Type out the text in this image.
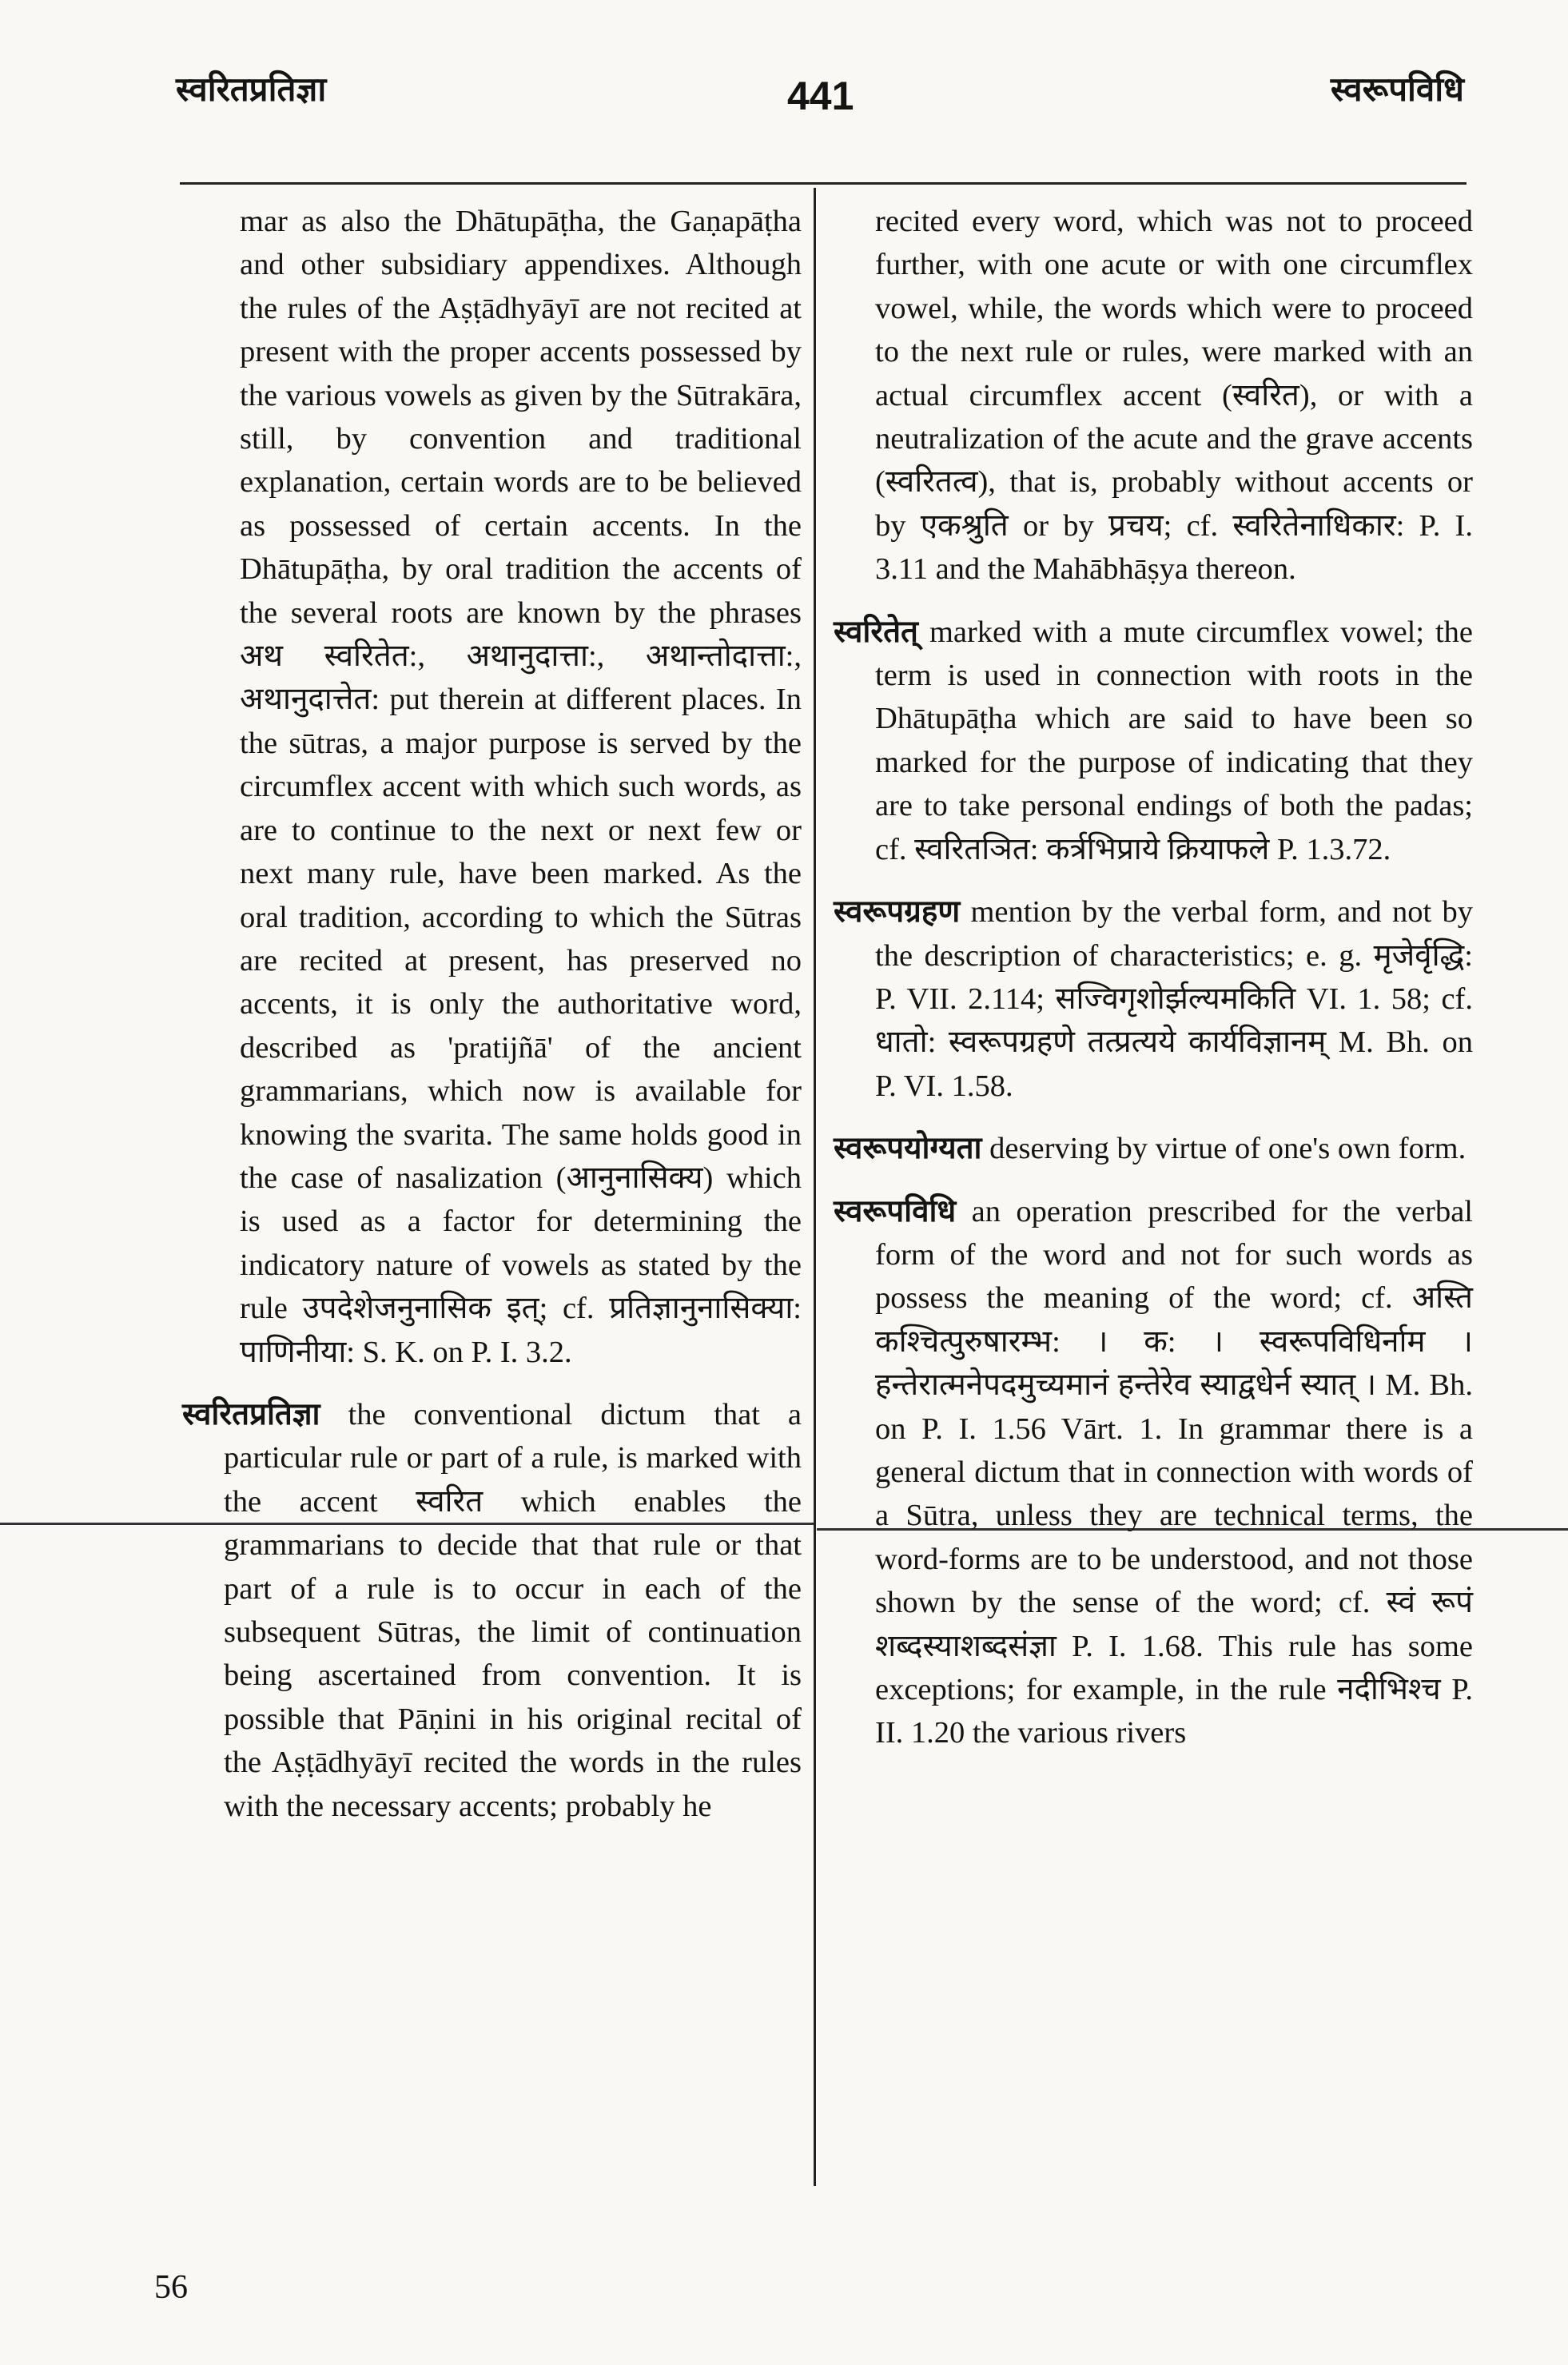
स्वरितप्रतिज्ञा	441	स्वरूपविधि

mar as also the Dhātupāṭha, the Gaṇapāṭha and other subsidiary appendixes. Although the rules of the Aṣṭādhyāyī are not recited at present with the proper accents possessed by the various vowels as given by the Sūtrakāra, still, by convention and traditional explanation, certain words are to be believed as possessed of certain accents. In the Dhātupāṭha, by oral tradition the accents of the several roots are known by the phrases अथ स्वरितेत:, अथानुदात्ता:, अथान्तोदात्ता:, अथानुदात्तेत: put therein at different places. In the sūtras, a major purpose is served by the circumflex accent with which such words, as are to continue to the next or next few or next many rule, have been marked. As the oral tradition, according to which the Sūtras are recited at present, has preserved no accents, it is only the authoritative word, described as 'pratijñā' of the ancient grammarians, which now is available for knowing the svarita. The same holds good in the case of nasalization (आनुनासिक्य) which is used as a factor for determining the indicatory nature of vowels as stated by the rule उपदेशेजनुनासिक इत्; cf. प्रतिज्ञानुनासिक्या: पाणिनीया: S. K. on P. I. 3.2.

स्वरितप्रतिज्ञा the conventional dictum that a particular rule or part of a rule, is marked with the accent स्वरित which enables the grammarians to decide that that rule or that part of a rule is to occur in each of the subsequent Sūtras, the limit of continuation being ascertained from convention. It is possible that Pāṇini in his original recital of the Aṣṭādhyāyī recited the words in the rules with the necessary accents; probably he

recited every word, which was not to proceed further, with one acute or with one circumflex vowel, while, the words which were to proceed to the next rule or rules, were marked with an actual circumflex accent (स्वरित), or with a neutralization of the acute and the grave accents (स्वरितत्व), that is, probably without accents or by एकश्रुति or by प्रचय; cf. स्वरितेनाधिकार: P. I. 3.11 and the Mahābhāṣya thereon.

स्वरितेत् marked with a mute circumflex vowel; the term is used in connection with roots in the Dhātupāṭha which are said to have been so marked for the purpose of indicating that they are to take personal endings of both the padas; cf. स्वरितञित: कर्त्रभिप्राये क्रियाफले P. 1.3.72.

स्वरूपग्रहण mention by the verbal form, and not by the description of characteristics; e. g. मृजेर्वृद्धि: P. VII. 2.114; सज्विगृशोर्झल्यमकिति VI. 1. 58; cf. धातो: स्वरूपग्रहणे तत्प्रत्यये कार्यविज्ञानम् M. Bh. on P. VI. 1.58.

स्वरूपयोग्यता deserving by virtue of one's own form.

स्वरूपविधि an operation prescribed for the verbal form of the word and not for such words as possess the meaning of the word; cf. अस्ति कश्चित्पुरुषारम्भ: । क: । स्वरूपविधिर्नाम । हन्तेरात्मनेपदमुच्यमानं हन्तेरेव स्याद्वधेर्न स्यात् । M. Bh. on P. I. 1.56 Vārt. 1. In grammar there is a general dictum that in connection with words of a Sūtra, unless they are technical terms, the word-forms are to be understood, and not those shown by the sense of the word; cf. स्वं रूपं शब्दस्याशब्दसंज्ञा P. I. 1.68. This rule has some exceptions; for example, in the rule नदीभिश्च P. II. 1.20 the various rivers

56
